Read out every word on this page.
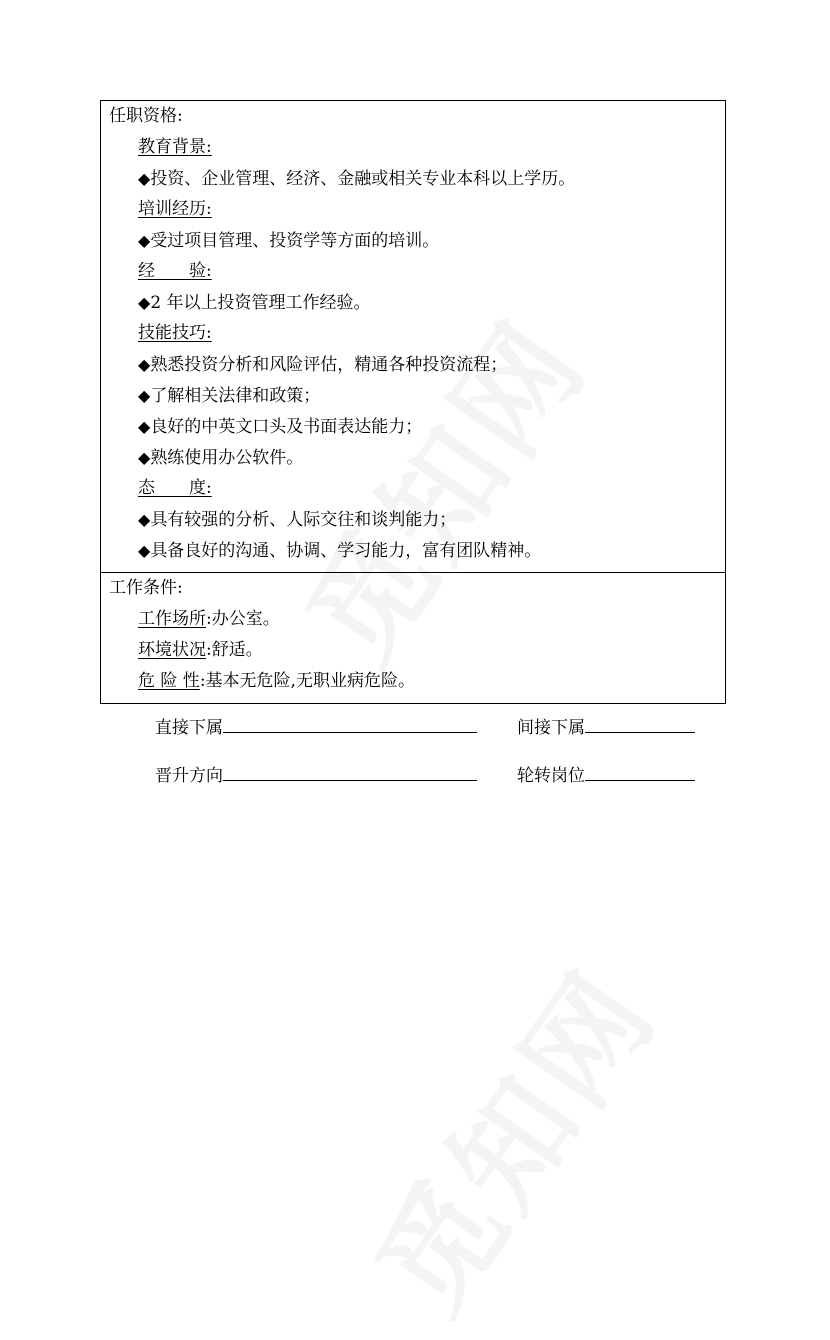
任职资格:
教育背景:
◆投资、企业管理、经济、金融或相关专业本科以上学历。
培训经历:
◆受过项目管理、投资学等方面的培训。
经　　验:
◆2 年以上投资管理工作经验。
技能技巧:
◆熟悉投资分析和风险评估，精通各种投资流程；
◆了解相关法律和政策；
◆良好的中英文口头及书面表达能力；
◆熟练使用办公软件。
态　　度:
◆具有较强的分析、人际交往和谈判能力；
◆具备良好的沟通、协调、学习能力，富有团队精神。
工作条件:
工作场所:办公室。
环境状况:舒适。
危 险 性:基本无危险,无职业病危险。
直接下属	间接下属
晋升方向	轮转岗位
